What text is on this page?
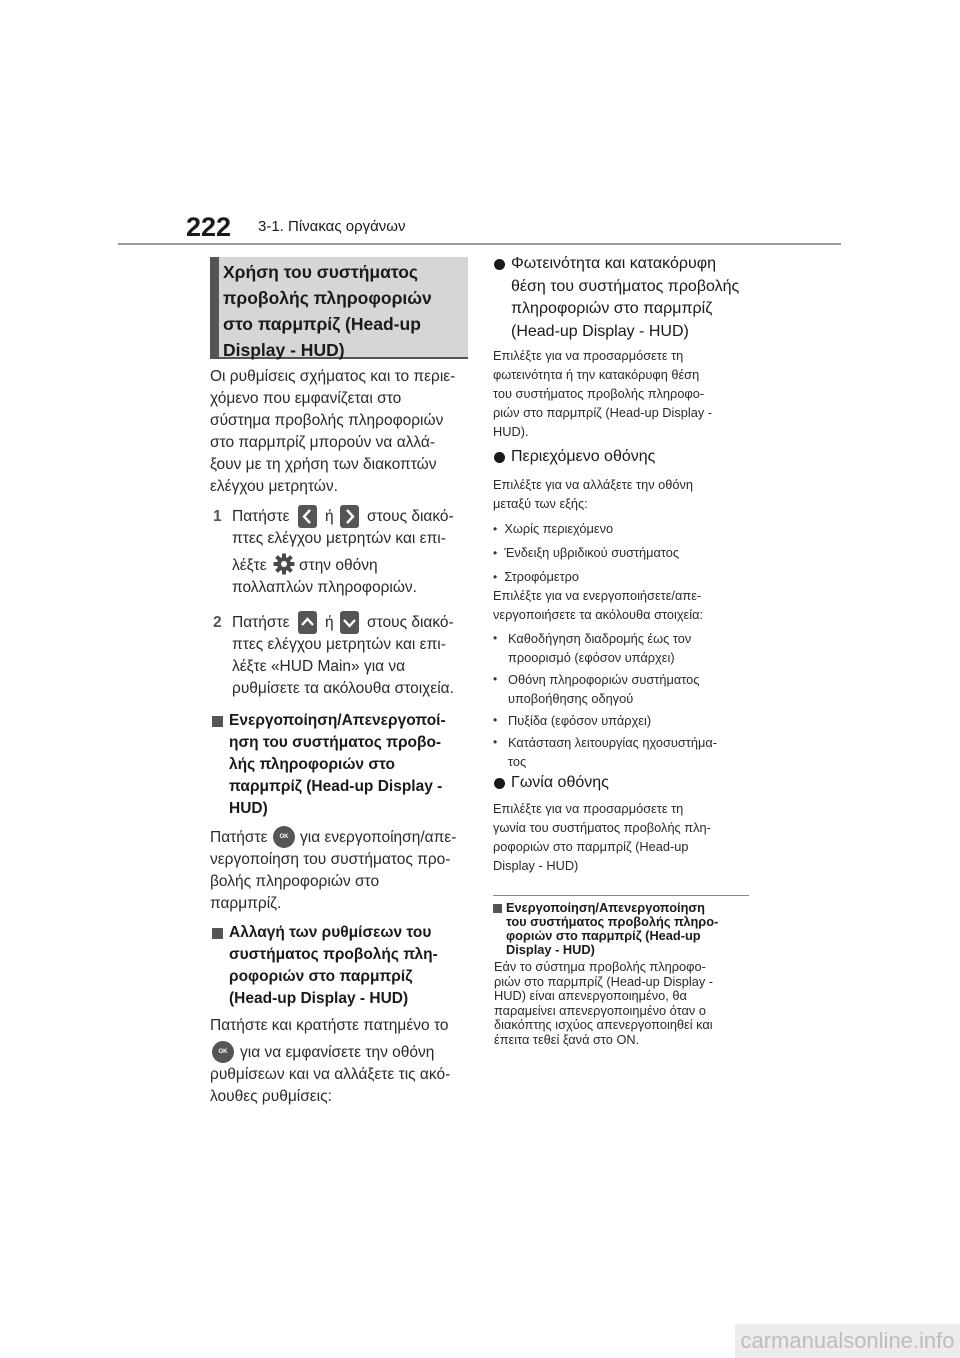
222 3-1. Πίνακας οργάνων
Χρήση του συστήματος
προβολής πληροφοριών
στο παρμπρίζ (Head-up
Display - HUD)
Οι ρυθμίσεις σχήματος και το περιε-
χόμενο που εμφανίζεται στο
σύστημα προβολής πληροφοριών
στο παρμπρίζ μπορούν να αλλά-
ξουν με τη χρήση των διακοπτών
ελέγχου μετρητών.
1 Πατήστε ή στους διακό-
πτες ελέγχου μετρητών και επι-
λέξτε στην οθόνη
πολλαπλών πληροφοριών.
2 Πατήστε ή στους διακό-
πτες ελέγχου μετρητών και επι-
λέξτε «HUD Main» για να
ρυθμίσετε τα ακόλουθα στοιχεία.
Ενεργοποίηση/Απενεργοποί-
ηση του συστήματος προβο-
λής πληροφοριών στο
παρμπρίζ (Head-up Display -
HUD)
Πατήστε	OK για ενεργοποίηση/απε-
νεργοποίηση του συστήματος προ-
βολής πληροφοριών στο
παρμπρίζ.
Αλλαγή των ρυθμίσεων του
συστήματος προβολής πλη-
ροφοριών στο παρμπρίζ
(Head-up Display - HUD)
Πατήστε και κρατήστε πατημένο το
OK για να εμφανίσετε την οθόνη
ρυθμίσεων και να αλλάξετε τις ακό-
λουθες ρυθμίσεις:
Φωτεινότητα και κατακόρυφη
θέση του συστήματος προβολής
πληροφοριών στο παρμπρίζ
(Head-up Display - HUD)
Επιλέξτε για να προσαρμόσετε τη
φωτεινότητα ή την κατακόρυφη θέση
του συστήματος προβολής πληροφο-
ριών στο παρμπρίζ (Head-up Display -
HUD).
Περιεχόμενο οθόνης
Επιλέξτε για να αλλάξετε την οθόνη
μεταξύ των εξής:
• Χωρίς περιεχόμενο
• Ένδειξη υβριδικού συστήματος
• Στροφόμετρο
Επιλέξτε για να ενεργοποιήσετε/απε-
νεργοποιήσετε τα ακόλουθα στοιχεία:
• Καθοδήγηση διαδρομής έως τον
προορισμό (εφόσον υπάρχει)
• Οθόνη πληροφοριών συστήματος
υποβοήθησης οδηγού
• Πυξίδα (εφόσον υπάρχει)
• Κατάσταση λειτουργίας ηχοσυστήμα-
τος
Γωνία οθόνης
Επιλέξτε για να προσαρμόσετε τη
γωνία του συστήματος προβολής πλη-
ροφοριών στο παρμπρίζ (Head-up
Display - HUD)
Ενεργοποίηση/Απενεργοποίηση
του συστήματος προβολής πληρο-
φοριών στο παρμπρίζ (Head-up
Display - HUD)
Εάν το σύστημα προβολής πληροφο-
ριών στο παρμπρίζ (Head-up Display -
HUD) είναι απενεργοποιημένο, θα
παραμείνει απενεργοποιημένο όταν ο
διακόπτης ισχύος απενεργοποιηθεί και
έπειτα τεθεί ξανά στο ON.
carmanualsonline.info
